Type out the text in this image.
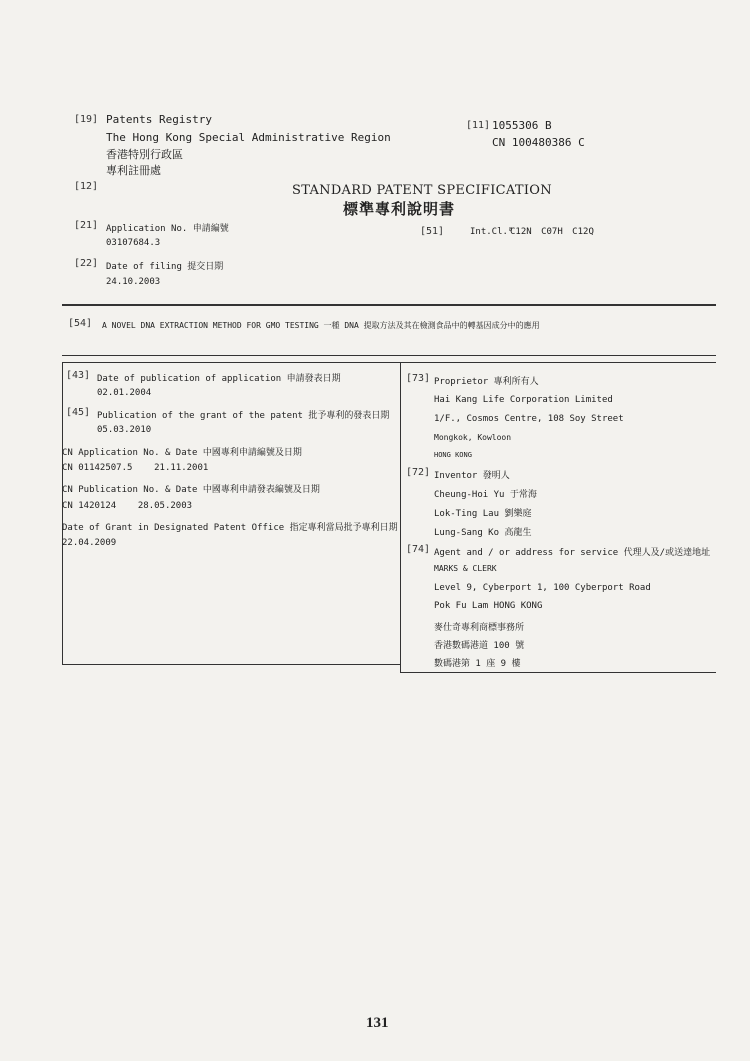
[19] Patents Registry
The Hong Kong Special Administrative Region
香港特別行政區
專利註冊處
[11] 1055306 B
CN 100480386 C
[12]	STANDARD PATENT SPECIFICATION
標準專利說明書
[21] Application No. 申請編號
03107684.3
[22] Date of filing 提交日期
24.10.2003
[51]	Int.Cl.⁸
C12N C07H C12Q
[54] A NOVEL DNA EXTRACTION METHOD FOR GMO TESTING 一種 DNA 提取方法及其在檢測食品中的轉基因成分中的應用
[43] Date of publication of application 申請發表日期
02.01.2004
[45] Publication of the grant of the patent 批予專利的發表日期
05.03.2010
CN Application No. & Date 中國專利申請編號及日期
CN 01142507.5    21.11.2001
CN Publication No. & Date 中國專利申請發表編號及日期
CN 1420124    28.05.2003
Date of Grant in Designated Patent Office 指定專利當局批予專利日期
22.04.2009
[73] Proprietor 專利所有人
Hai Kang Life Corporation Limited
1/F., Cosmos Centre, 108 Soy Street
Mongkok, Kowloon
HONG KONG
[72] Inventor 發明人
Cheung-Hoi Yu 于常海
Lok-Ting Lau 劉樂庭
Lung-Sang Ko 高龍生
[74] Agent and / or address for service 代理人及/或送達地址
MARKS & CLERK
Level 9, Cyberport 1, 100 Cyberport Road
Pok Fu Lam HONG KONG
麥仕奇專利商標事務所
香港數碼港道 100 號
數碼港第 1 座 9 樓
131
